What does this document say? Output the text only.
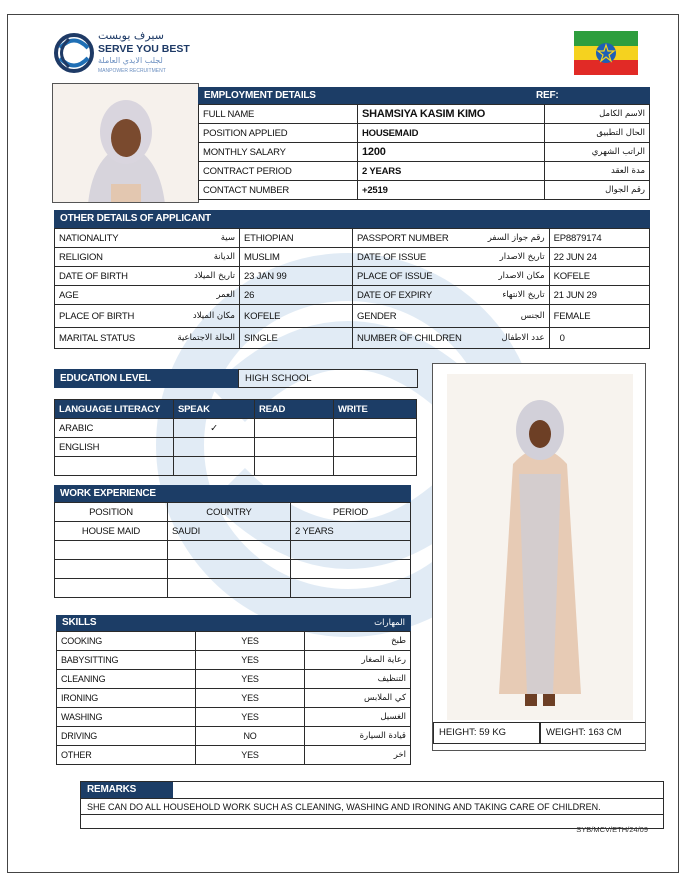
سيرف يوبست
SERVE YOU BEST
لجلب الايدي العاملة
MANPOWER RECRUITMENT
EMPLOYMENT DETAILS	REF:
FULL NAME	SHAMSIYA KASIM KIMO	الاسم الكامل
POSITION APPLIED	HOUSEMAID	الحال التطبيق
MONTHLY SALARY	1200	الراتب الشهري
CONTRACT PERIOD	2 YEARS	مدة العقد
CONTACT NUMBER	+2519	رقم الجوال
OTHER DETAILS OF APPLICANT
NATIONALITY	سية	ETHIOPIAN	PASSPORT NUMBER	رقم جواز السفر	EP8879174
RELIGION	الديانة	MUSLIM	DATE OF ISSUE	تاريخ الاصدار	22 JUN 24
DATE OF BIRTH	تاريخ الميلاد	23 JAN 99	PLACE OF ISSUE	مكان الاصدار	KOFELE
AGE	العمر	26	DATE OF EXPIRY	تاريخ الانتهاء	21 JUN 29
PLACE OF BIRTH	مكان الميلاد	KOFELE	GENDER	الجنس	FEMALE
MARITAL STATUS	الحالة الاجتماعية	SINGLE	NUMBER OF CHILDREN	عدد الاطفال	0
EDUCATION LEVEL	HIGH SCHOOL
HEIGHT: 59 KG	WEIGHT: 163 CM
LANGUAGE LITERACY	SPEAK	READ	WRITE
ARABIC	✓		
ENGLISH			

WORK EXPERIENCE
POSITION	COUNTRY	PERIOD
HOUSE MAID	SAUDI	2 YEARS

SKILLS	المهارات
COOKING	YES	طبخ
BABYSITTING	YES	رعاية الصغار
CLEANING	YES	التنظيف
IRONING	YES	كي الملابس
WASHING	YES	الغسيل
DRIVING	NO	قيادة السيارة
OTHER	YES	اخر
REMARKS
SHE CAN DO ALL HOUSEHOLD WORK SUCH AS CLEANING, WASHING AND IRONING AND TAKING CARE OF CHILDREN.
SYB/MCV/ETH/24/09
